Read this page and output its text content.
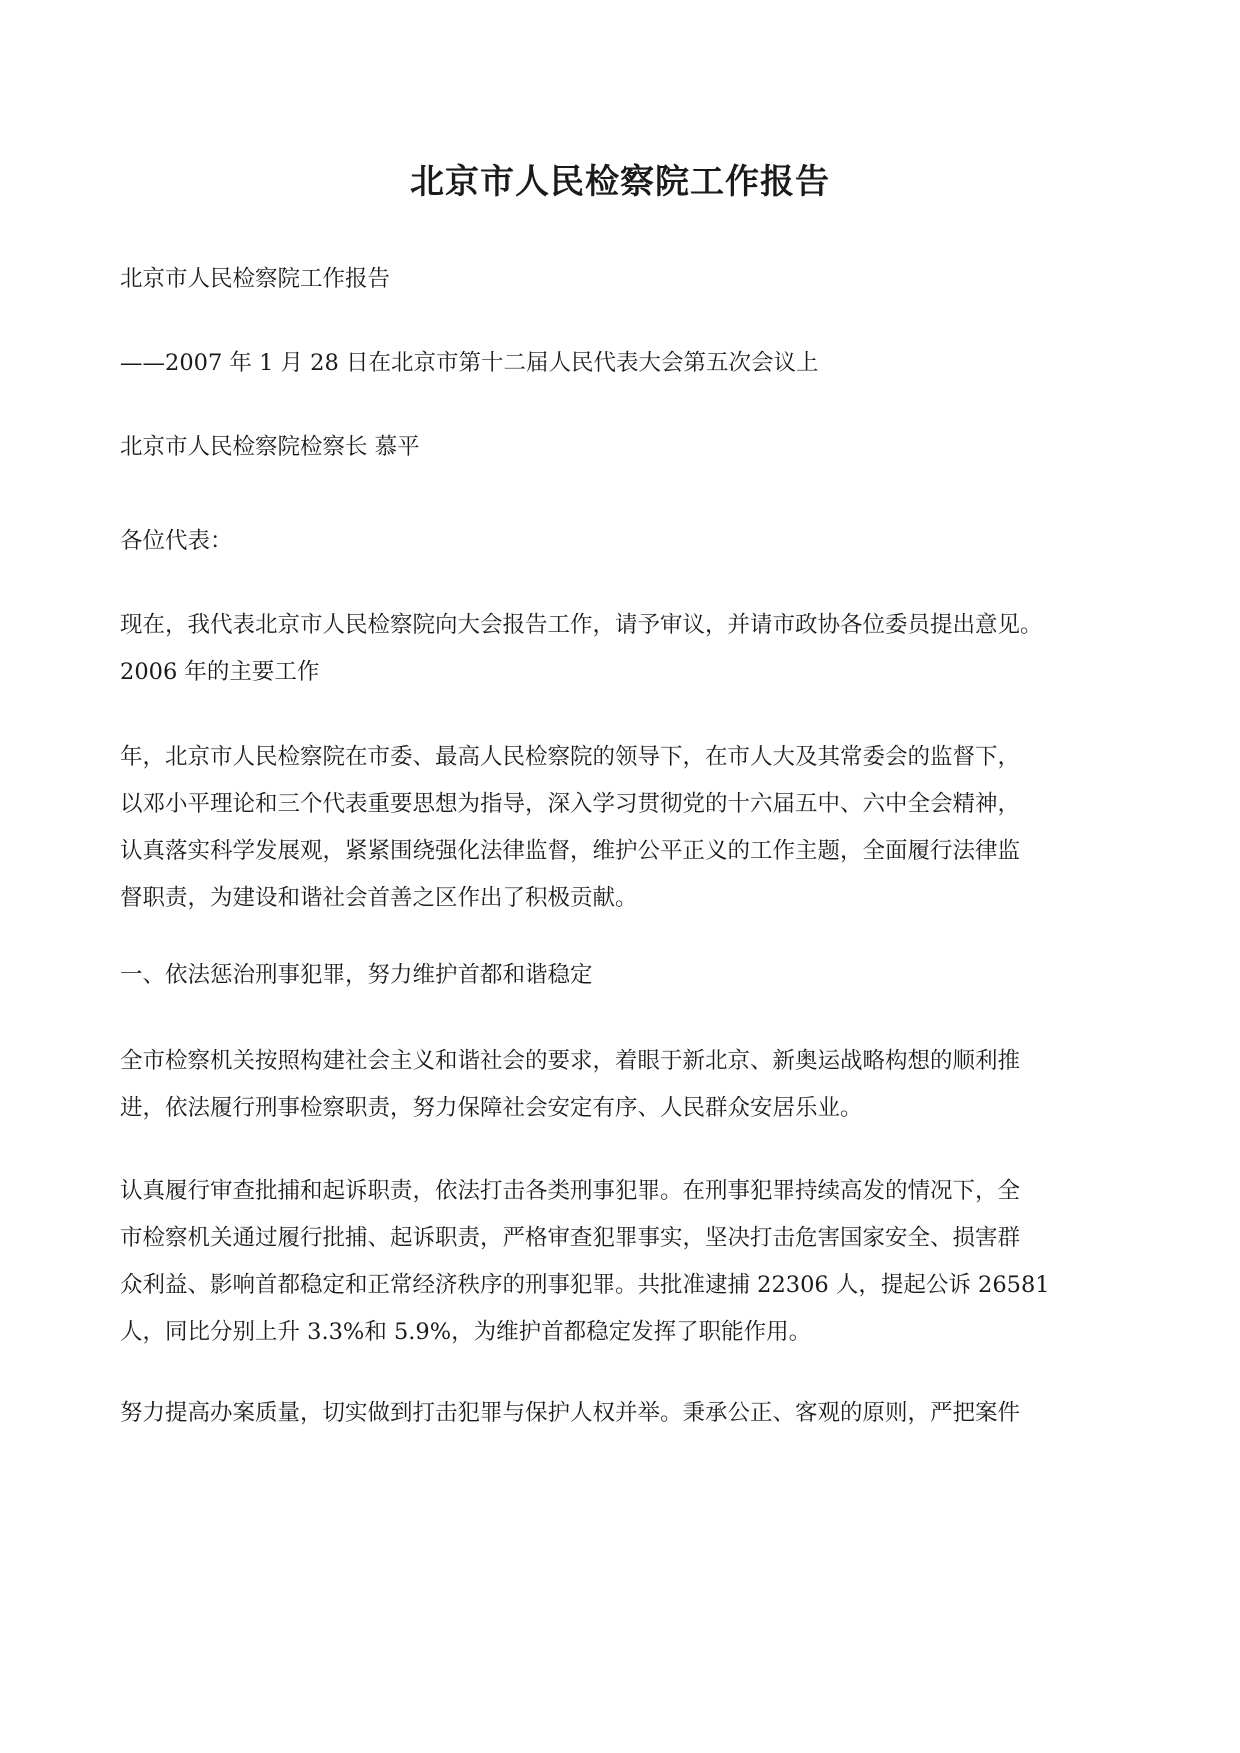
北京市人民检察院工作报告

北京市人民检察院工作报告

——2007 年 1 月 28 日在北京市第十二届人民代表大会第五次会议上

北京市人民检察院检察长 慕平

各位代表：

现在，我代表北京市人民检察院向大会报告工作，请予审议，并请市政协各位委员提出意见。
2006 年的主要工作

年，北京市人民检察院在市委、最高人民检察院的领导下，在市人大及其常委会的监督下，
以邓小平理论和三个代表重要思想为指导，深入学习贯彻党的十六届五中、六中全会精神，
认真落实科学发展观，紧紧围绕强化法律监督，维护公平正义的工作主题，全面履行法律监
督职责，为建设和谐社会首善之区作出了积极贡献。

一、依法惩治刑事犯罪，努力维护首都和谐稳定

全市检察机关按照构建社会主义和谐社会的要求，着眼于新北京、新奥运战略构想的顺利推
进，依法履行刑事检察职责，努力保障社会安定有序、人民群众安居乐业。

认真履行审查批捕和起诉职责，依法打击各类刑事犯罪。在刑事犯罪持续高发的情况下，全
市检察机关通过履行批捕、起诉职责，严格审查犯罪事实，坚决打击危害国家安全、损害群
众利益、影响首都稳定和正常经济秩序的刑事犯罪。共批准逮捕 22306 人，提起公诉 26581
人，同比分别上升 3.3%和 5.9%，为维护首都稳定发挥了职能作用。

努力提高办案质量，切实做到打击犯罪与保护人权并举。秉承公正、客观的原则，严把案件
